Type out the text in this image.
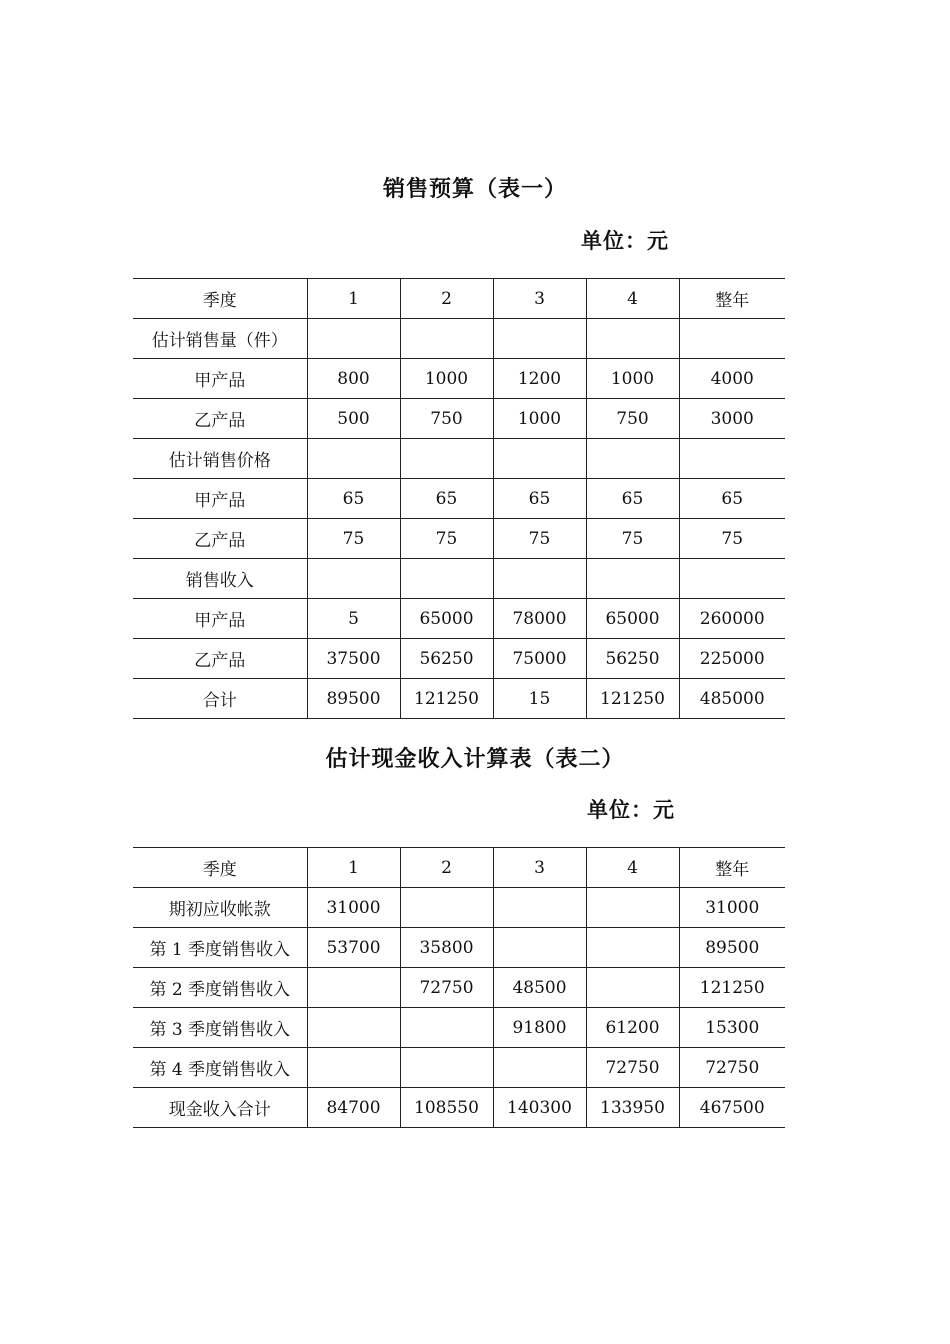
销售预算（表一）
单位：元
季度	1	2	3	4	整年
估计销售量（件）					
甲产品	800	1000	1200	1000	4000
乙产品	500	750	1000	750	3000
估计销售价格					
甲产品	65	65	65	65	65
乙产品	75	75	75	75	75
销售收入					
甲产品	5	65000	78000	65000	260000
乙产品	37500	56250	75000	56250	225000
合计	89500	121250	15	121250	485000
估计现金收入计算表（表二）
单位：元
季度	1	2	3	4	整年
期初应收帐款	31000				31000
第 1 季度销售收入	53700	35800			89500
第 2 季度销售收入		72750	48500		121250
第 3 季度销售收入			91800	61200	15300
第 4 季度销售收入				72750	72750
现金收入合计	84700	108550	140300	133950	467500
